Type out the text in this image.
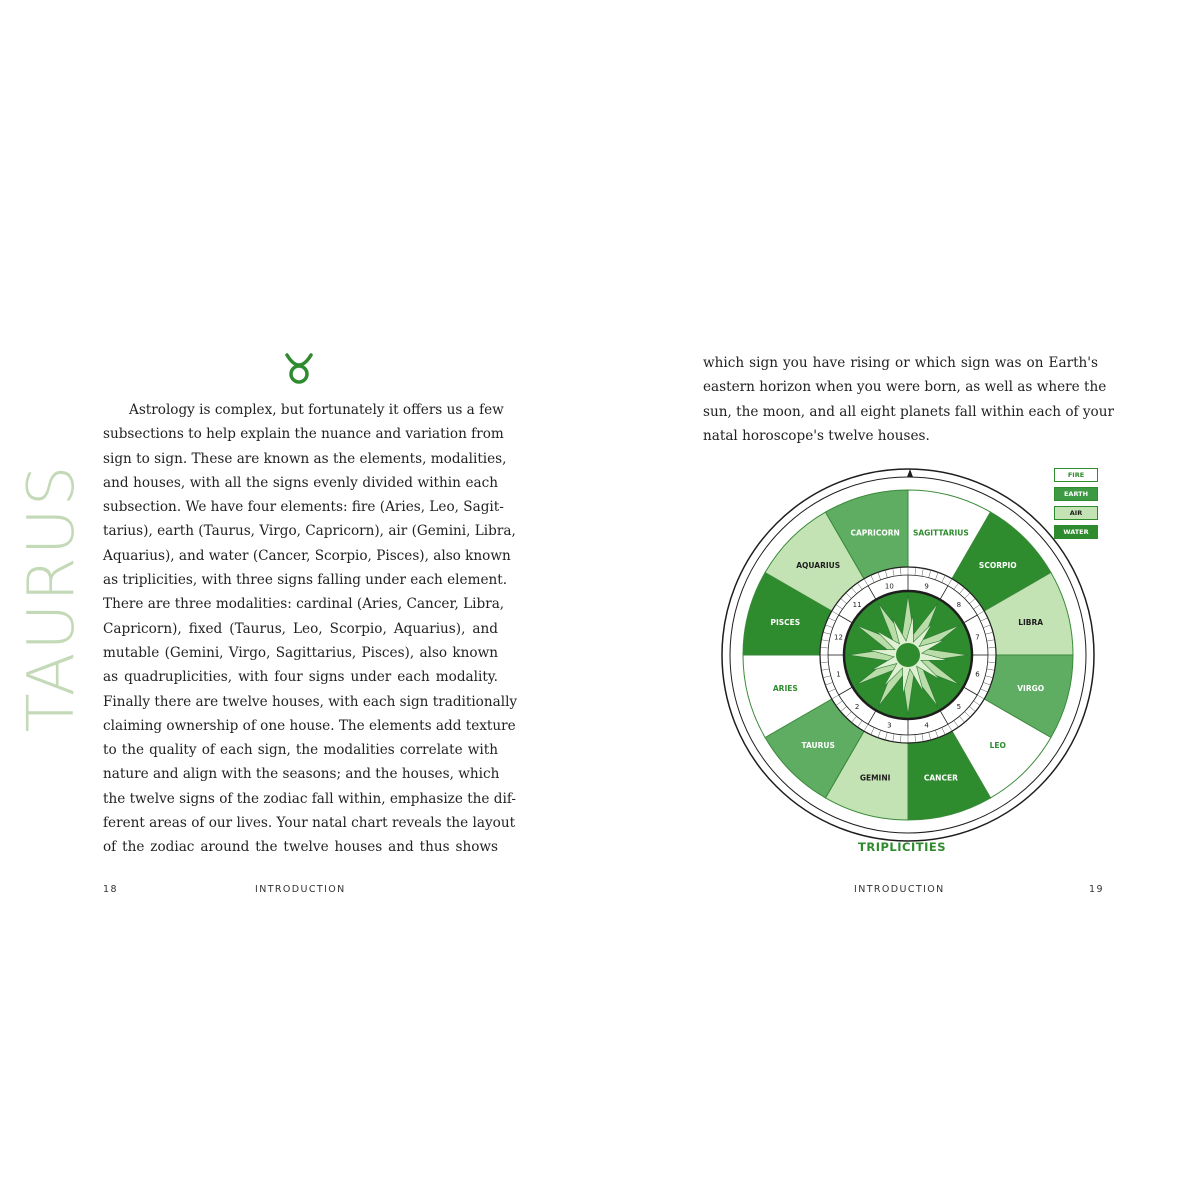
TAURUS
Astrology is complex, but fortunately it offers us a few
subsections to help explain the nuance and variation from
sign to sign. These are known as the elements, modalities,
and houses, with all the signs evenly divided within each
subsection. We have four elements: fire (Aries, Leo, Sagit-
tarius), earth (Taurus, Virgo, Capricorn), air (Gemini, Libra,
Aquarius), and water (Cancer, Scorpio, Pisces), also known
as triplicities, with three signs falling under each element.
There are three modalities: cardinal (Aries, Cancer, Libra,
Capricorn), fixed (Taurus, Leo, Scorpio, Aquarius), and
mutable (Gemini, Virgo, Sagittarius, Pisces), also known
as quadruplicities, with four signs under each modality.
Finally there are twelve houses, with each sign traditionally
claiming ownership of one house. The elements add texture
to the quality of each sign, the modalities correlate with
nature and align with the seasons; and the houses, which
the twelve signs of the zodiac fall within, emphasize the dif-
ferent areas of our lives. Your natal chart reveals the layout
of the zodiac around the twelve houses and thus shows
18	INTRODUCTION
which sign you have rising or which sign was on Earth's
eastern horizon when you were born, as well as where the
sun, the moon, and all eight planets fall within each of your
natal horoscope's twelve houses.
SAGITTARIUS
SCORPIO
LIBRA
VIRGO
LEO
CANCER
GEMINI
TAURUS
ARIES
PISCES
AQUARIUS
CAPRICORN
1
2
3	4
5
6
7
8
9
10
11
12
FIRE
EARTH
AIR
WATER
TRIPLICITIES
INTRODUCTION	19
